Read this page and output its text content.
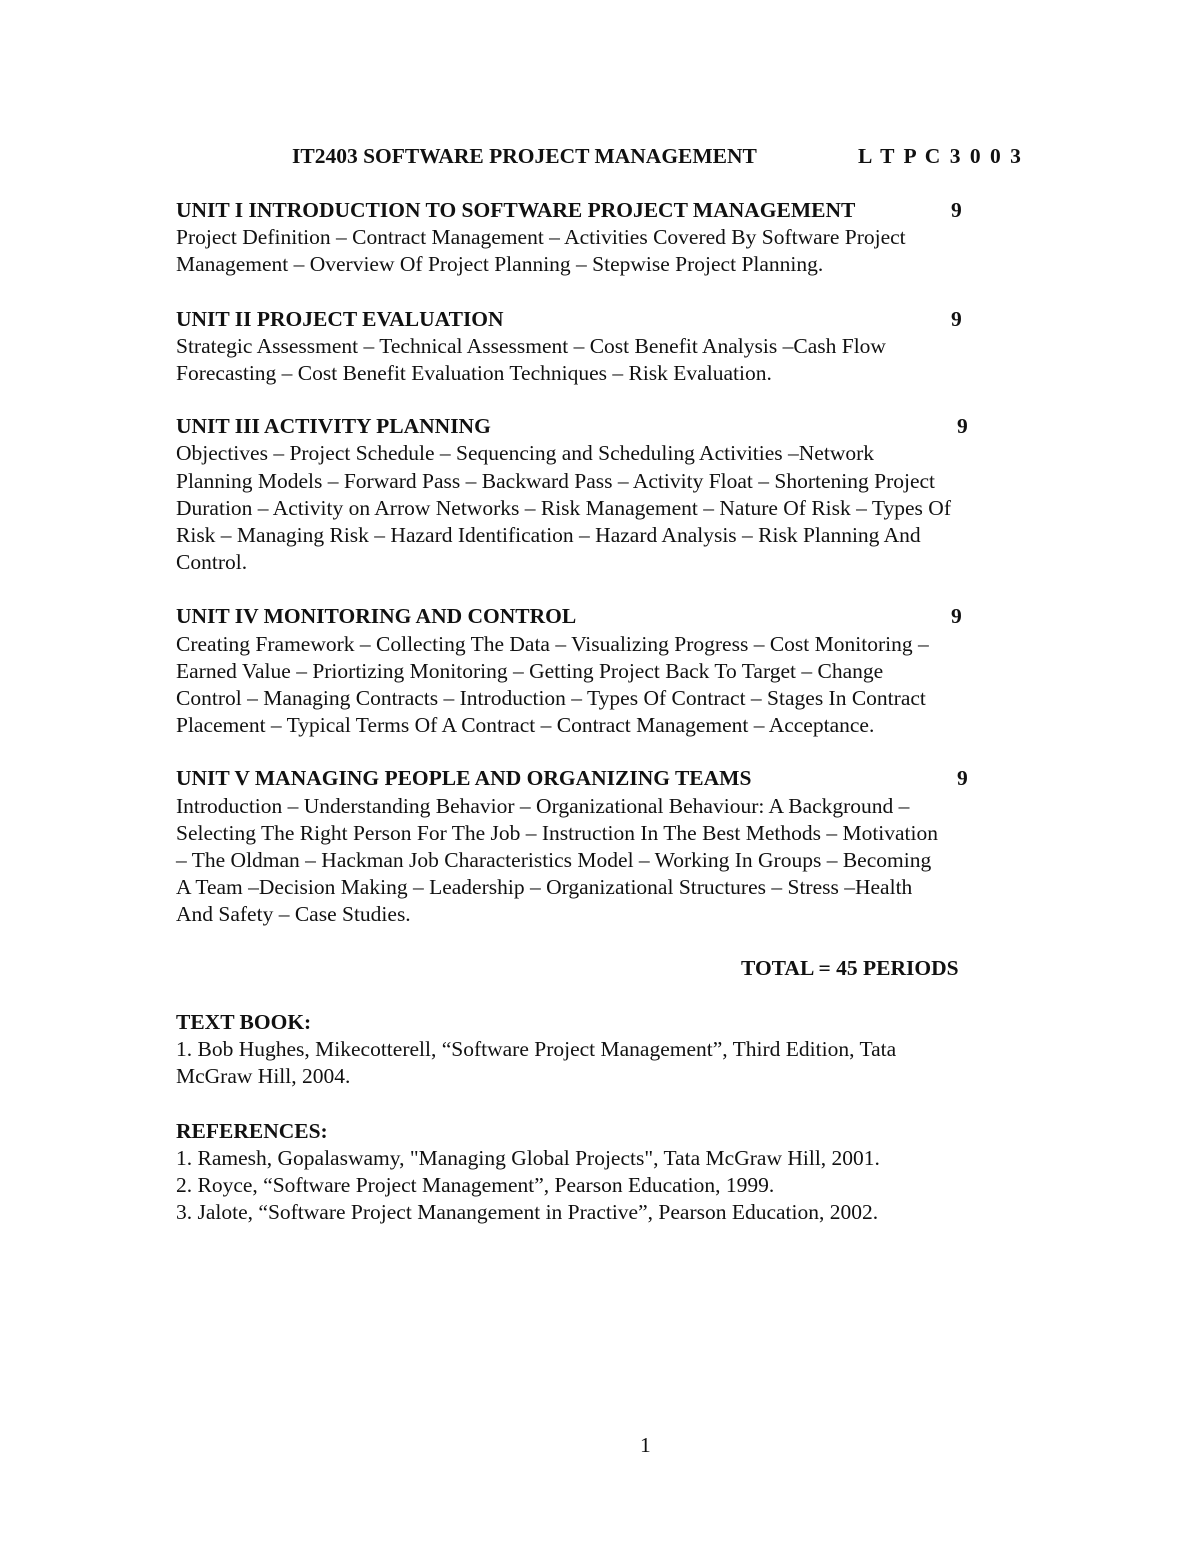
IT2403 SOFTWARE PROJECT MANAGEMENT	L T P C 3 0 0 3
UNIT I INTRODUCTION TO SOFTWARE PROJECT MANAGEMENT	9
Project Definition – Contract Management – Activities Covered By Software Project
Management – Overview Of Project Planning – Stepwise Project Planning.
UNIT II PROJECT EVALUATION	9
Strategic Assessment – Technical Assessment – Cost Benefit Analysis –Cash Flow
Forecasting – Cost Benefit Evaluation Techniques – Risk Evaluation.
UNIT III ACTIVITY PLANNING	9
Objectives – Project Schedule – Sequencing and Scheduling Activities –Network
Planning Models – Forward Pass – Backward Pass – Activity Float – Shortening Project
Duration – Activity on Arrow Networks – Risk Management – Nature Of Risk – Types Of
Risk – Managing Risk – Hazard Identification – Hazard Analysis – Risk Planning And
Control.
UNIT IV MONITORING AND CONTROL	9
Creating Framework – Collecting The Data – Visualizing Progress – Cost Monitoring –
Earned Value – Priortizing Monitoring – Getting Project Back To Target – Change
Control – Managing Contracts – Introduction – Types Of Contract – Stages In Contract
Placement – Typical Terms Of A Contract – Contract Management – Acceptance.
UNIT V MANAGING PEOPLE AND ORGANIZING TEAMS	9
Introduction – Understanding Behavior – Organizational Behaviour: A Background –
Selecting The Right Person For The Job – Instruction In The Best Methods – Motivation
– The Oldman – Hackman Job Characteristics Model – Working In Groups – Becoming
A Team –Decision Making – Leadership – Organizational Structures – Stress –Health
And Safety – Case Studies.
TOTAL = 45 PERIODS
TEXT BOOK:
1. Bob Hughes, Mikecotterell, “Software Project Management”, Third Edition, Tata
McGraw Hill, 2004.
REFERENCES:
1. Ramesh, Gopalaswamy, "Managing Global Projects", Tata McGraw Hill, 2001.
2. Royce, “Software Project Management”, Pearson Education, 1999.
3. Jalote, “Software Project Manangement in Practive”, Pearson Education, 2002.
1
